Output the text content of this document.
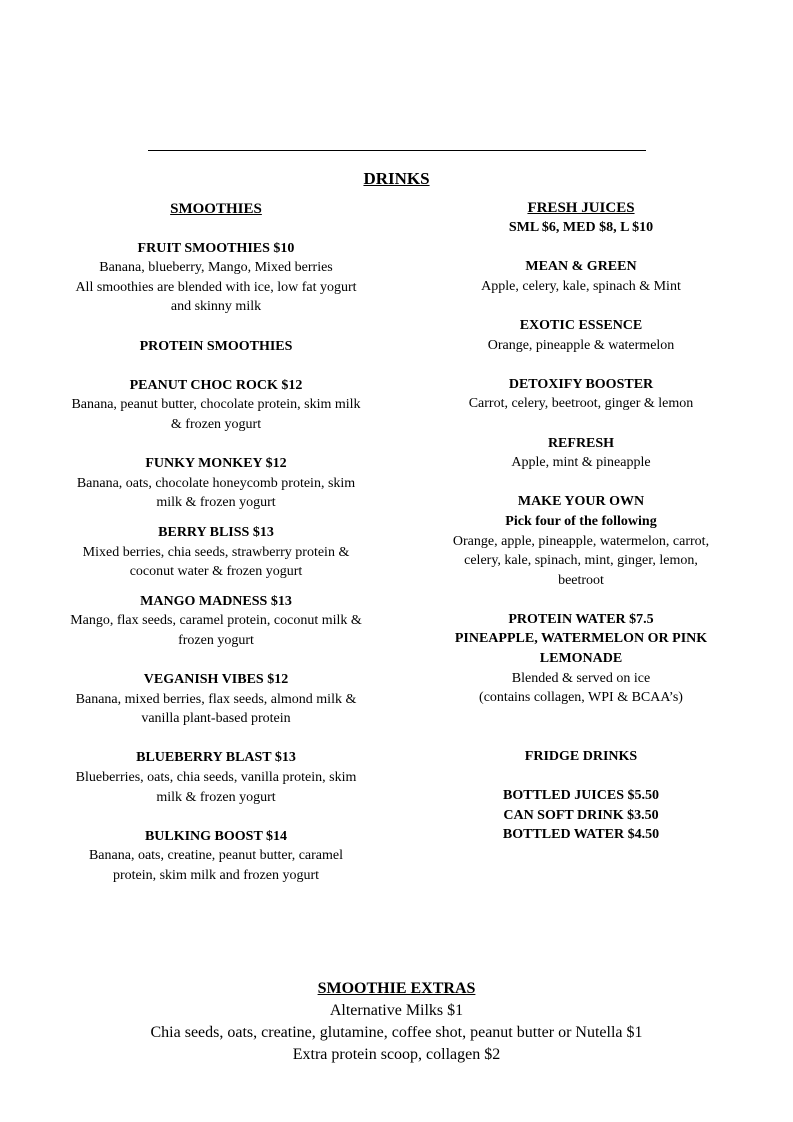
DRINKS
SMOOTHIES
FRUIT SMOOTHIES $10
Banana, blueberry, Mango, Mixed berries
All smoothies are blended with ice, low fat yogurt and skinny milk
PROTEIN SMOOTHIES
PEANUT CHOC ROCK $12
Banana, peanut butter, chocolate protein, skim milk & frozen yogurt
FUNKY MONKEY $12
Banana, oats, chocolate honeycomb protein, skim milk & frozen yogurt
BERRY BLISS $13
Mixed berries, chia seeds, strawberry protein & coconut water & frozen yogurt
MANGO MADNESS $13
Mango, flax seeds, caramel protein, coconut milk & frozen yogurt
VEGANISH VIBES $12
Banana, mixed berries, flax seeds, almond milk & vanilla plant-based protein
BLUEBERRY BLAST $13
Blueberries, oats, chia seeds, vanilla protein, skim milk & frozen yogurt
BULKING BOOST $14
Banana, oats, creatine, peanut butter, caramel protein, skim milk and frozen yogurt
FRESH JUICES
SML $6, MED $8, L $10
MEAN & GREEN
Apple, celery, kale, spinach & Mint
EXOTIC ESSENCE
Orange, pineapple & watermelon
DETOXIFY BOOSTER
Carrot, celery, beetroot, ginger & lemon
REFRESH
Apple, mint & pineapple
MAKE YOUR OWN
Pick four of the following
Orange, apple, pineapple, watermelon, carrot, celery, kale, spinach, mint, ginger, lemon, beetroot
PROTEIN WATER $7.5
PINEAPPLE, WATERMELON OR PINK LEMONADE
Blended & served on ice
(contains collagen, WPI & BCAA’s)
FRIDGE DRINKS
BOTTLED JUICES $5.50
CAN SOFT DRINK $3.50
BOTTLED WATER $4.50
SMOOTHIE EXTRAS
Alternative Milks $1
Chia seeds, oats, creatine, glutamine, coffee shot, peanut butter or Nutella $1
Extra protein scoop, collagen $2
